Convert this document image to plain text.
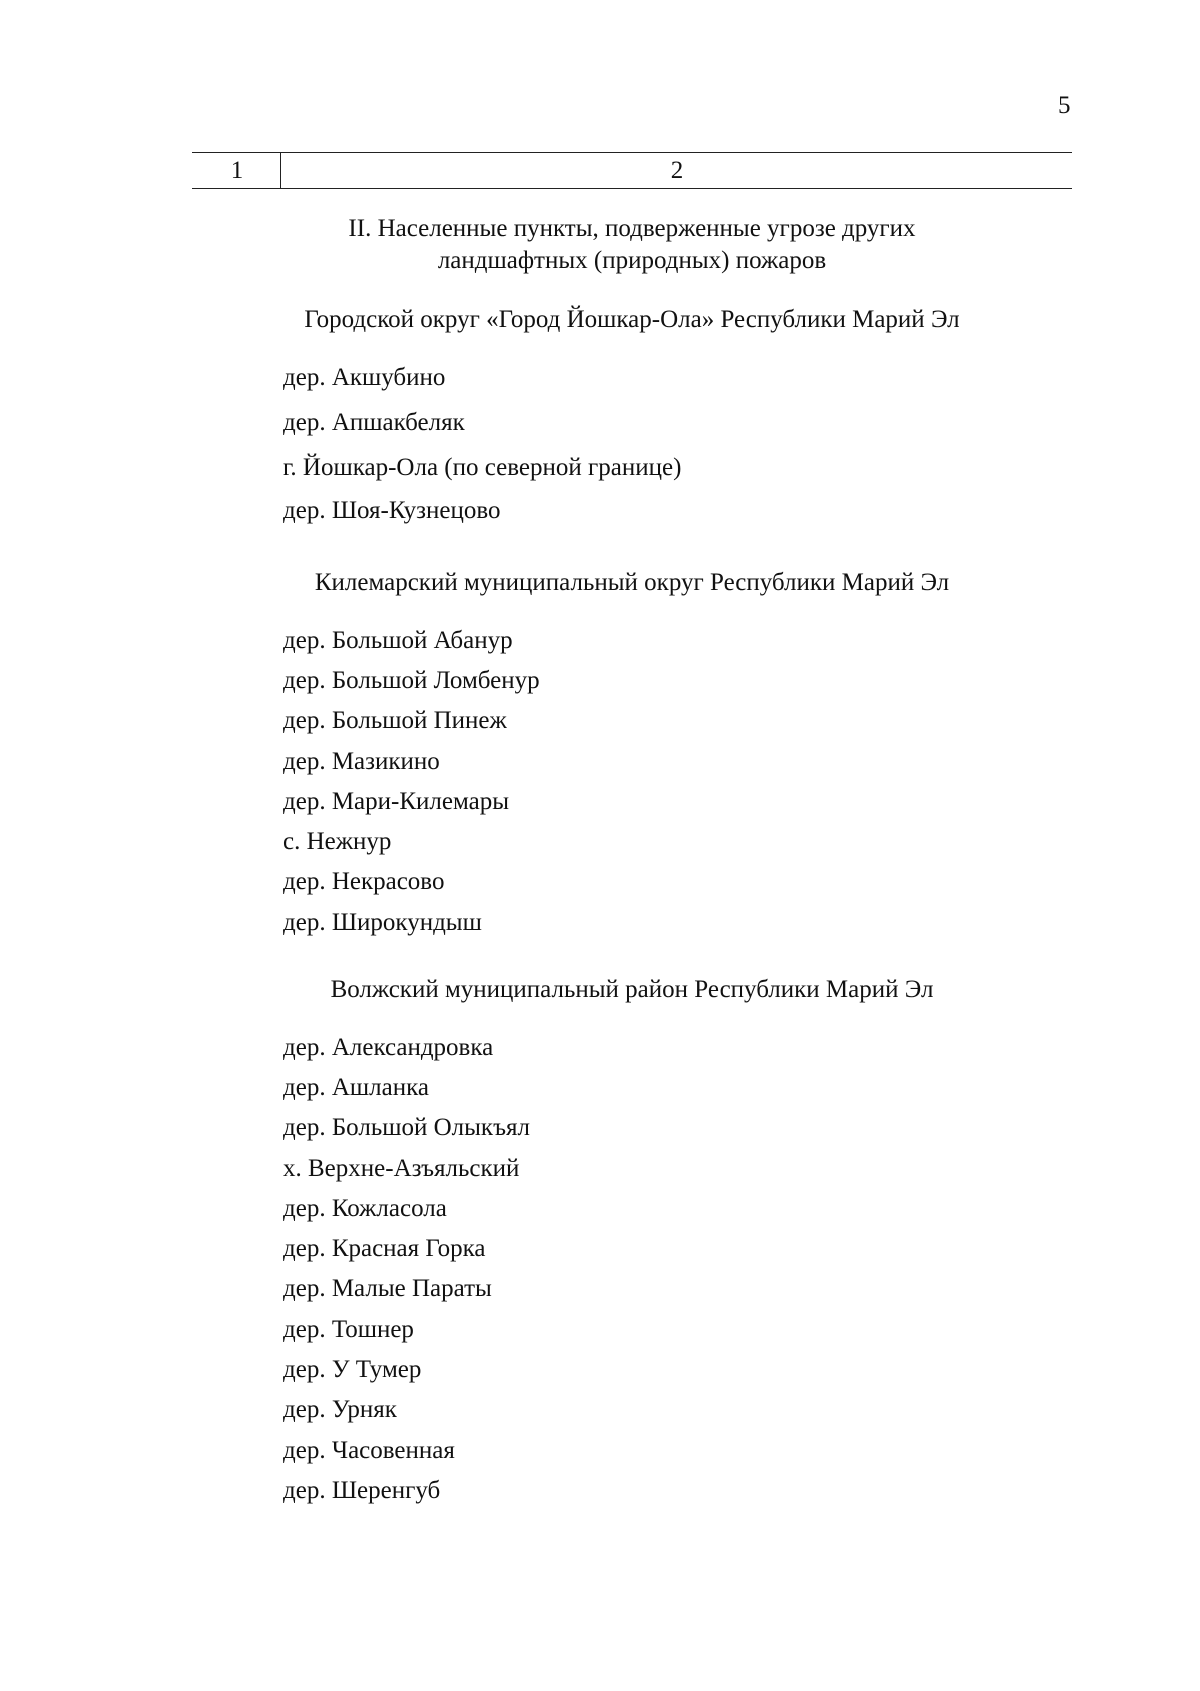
5
1	2
II. Населенные пункты, подверженные угрозе других
ландшафтных (природных) пожаров
Городской округ «Город Йошкар-Ола» Республики Марий Эл
дер. Акшубино
дер. Апшакбеляк
г. Йошкар-Ола (по северной границе)
дер. Шоя-Кузнецово
Килемарский муниципальный округ Республики Марий Эл
дер. Большой Абанур
дер. Большой Ломбенур
дер. Большой Пинеж
дер. Мазикино
дер. Мари-Килемары
с. Нежнур
дер. Некрасово
дер. Широкундыш
Волжский муниципальный район Республики Марий Эл
дер. Александровка
дер. Ашланка
дер. Большой Олыкъял
х. Верхне-Азъяльский
дер. Кожласола
дер. Красная Горка
дер. Малые Параты
дер. Тошнер
дер. У Тумер
дер. Урняк
дер. Часовенная
дер. Шеренгуб
